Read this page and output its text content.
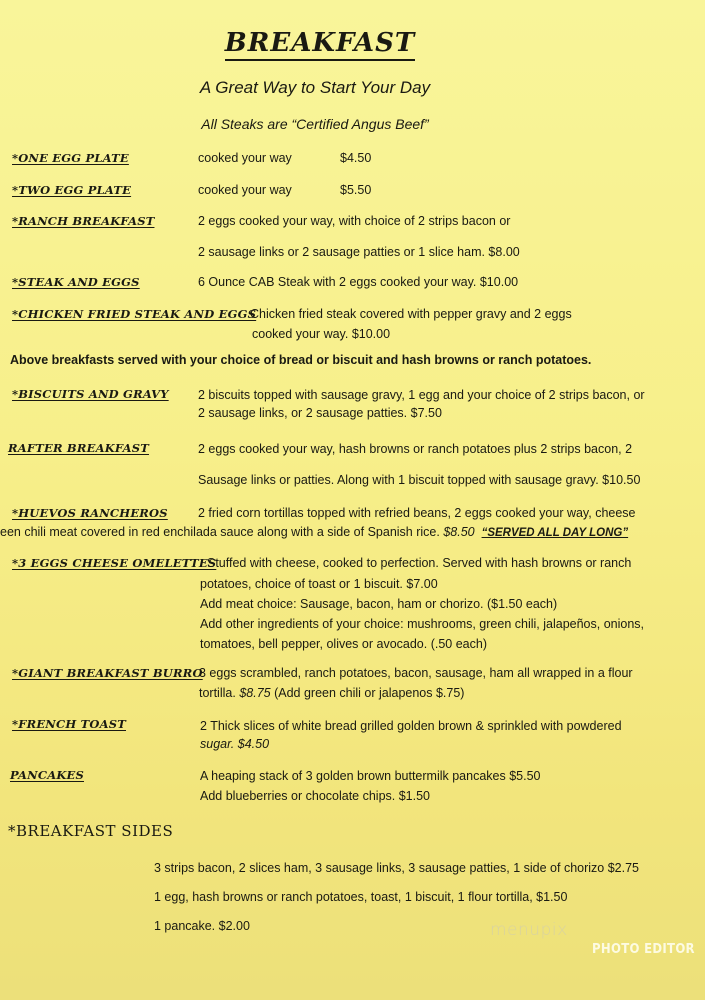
BREAKFAST
A Great Way to Start Your Day
All Steaks are “Certified Angus Beef”
*ONE EGG PLATE	cooked your way	$4.50
*TWO EGG PLATE	cooked your way	$5.50
*RANCH BREAKFAST	2 eggs cooked your way, with choice of 2 strips bacon or
2 sausage links or 2 sausage patties or 1 slice ham. $8.00
*STEAK AND EGGS	6 Ounce CAB Steak with 2 eggs cooked your way. $10.00
*CHICKEN FRIED STEAK AND EGGS
Chicken fried steak covered with pepper gravy and 2 eggs
cooked your way. $10.00
Above breakfasts served with your choice of bread or biscuit and hash browns or ranch potatoes.
*BISCUITS AND GRAVY 2 biscuits topped with sausage gravy, 1 egg and your choice of 2 strips bacon, or
2 sausage links, or 2 sausage patties. $7.50
RAFTER BREAKFAST	2 eggs cooked your way, hash browns or ranch potatoes plus 2 strips bacon, 2
Sausage links or patties. Along with 1 biscuit topped with sausage gravy. $10.50
*HUEVOS RANCHEROS 2 fried corn tortillas topped with refried beans, 2 eggs cooked your way, cheese
een chili meat covered in red enchilada sauce along with a side of Spanish rice. $8.50 “SERVED ALL DAY LONG”
*3 EGGS CHEESE OMELETTES
Stuffed with cheese, cooked to perfection. Served with hash browns or ranch
potatoes, choice of toast or 1 biscuit. $7.00
Add meat choice: Sausage, bacon, ham or chorizo. ($1.50 each)
Add other ingredients of your choice: mushrooms, green chili, jalapeños, onions,
tomatoes, bell pepper, olives or avocado. (.50 each)
*GIANT BREAKFAST BURRO
3 eggs scrambled, ranch potatoes, bacon, sausage, ham all wrapped in a flour
tortilla. $8.75 (Add green chili or jalapenos $.75)
*FRENCH TOAST	2 Thick slices of white bread grilled golden brown & sprinkled with powdered
sugar. $4.50
PANCAKES	A heaping stack of 3 golden brown buttermilk pancakes $5.50
Add blueberries or chocolate chips. $1.50
*BREAKFAST SIDES
3 strips bacon, 2 slices ham, 3 sausage links, 3 sausage patties, 1 side of chorizo $2.75
1 egg, hash browns or ranch potatoes, toast, 1 biscuit, 1 flour tortilla, $1.50
1 pancake. $2.00	menupix
PHOTO EDITOR
